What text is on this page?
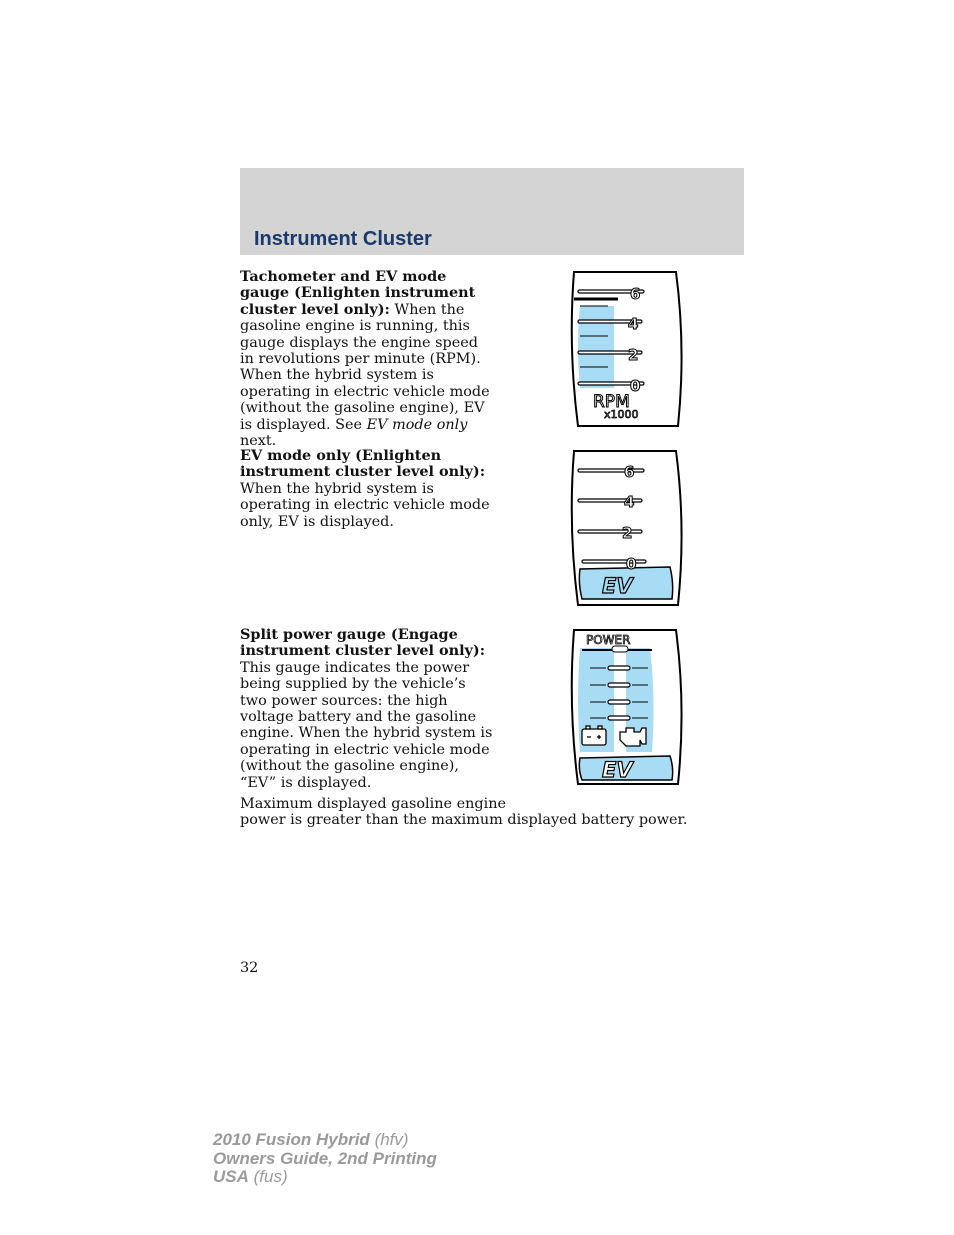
Instrument Cluster
Tachometer and EV mode gauge (Enlighten instrument cluster level only): When the gasoline engine is running, this gauge displays the engine speed in revolutions per minute (RPM). When the hybrid system is operating in electric vehicle mode (without the gasoline engine), EV is displayed. See EV mode only next.
EV mode only (Enlighten instrument cluster level only): When the hybrid system is operating in electric vehicle mode only, EV is displayed.
Split power gauge (Engage instrument cluster level only): This gauge indicates the power being supplied by the vehicle’s two power sources: the high voltage battery and the gasoline engine. When the hybrid system is operating in electric vehicle mode (without the gasoline engine), “EV” is displayed.
Maximum displayed gasoline engine
power is greater than the maximum displayed battery power.
6
4
2
0
RPM
x1000
6
4
2
0
EV
POWER
EV
32
2010 Fusion Hybrid (hfv)
Owners Guide, 2nd Printing
USA (fus)
